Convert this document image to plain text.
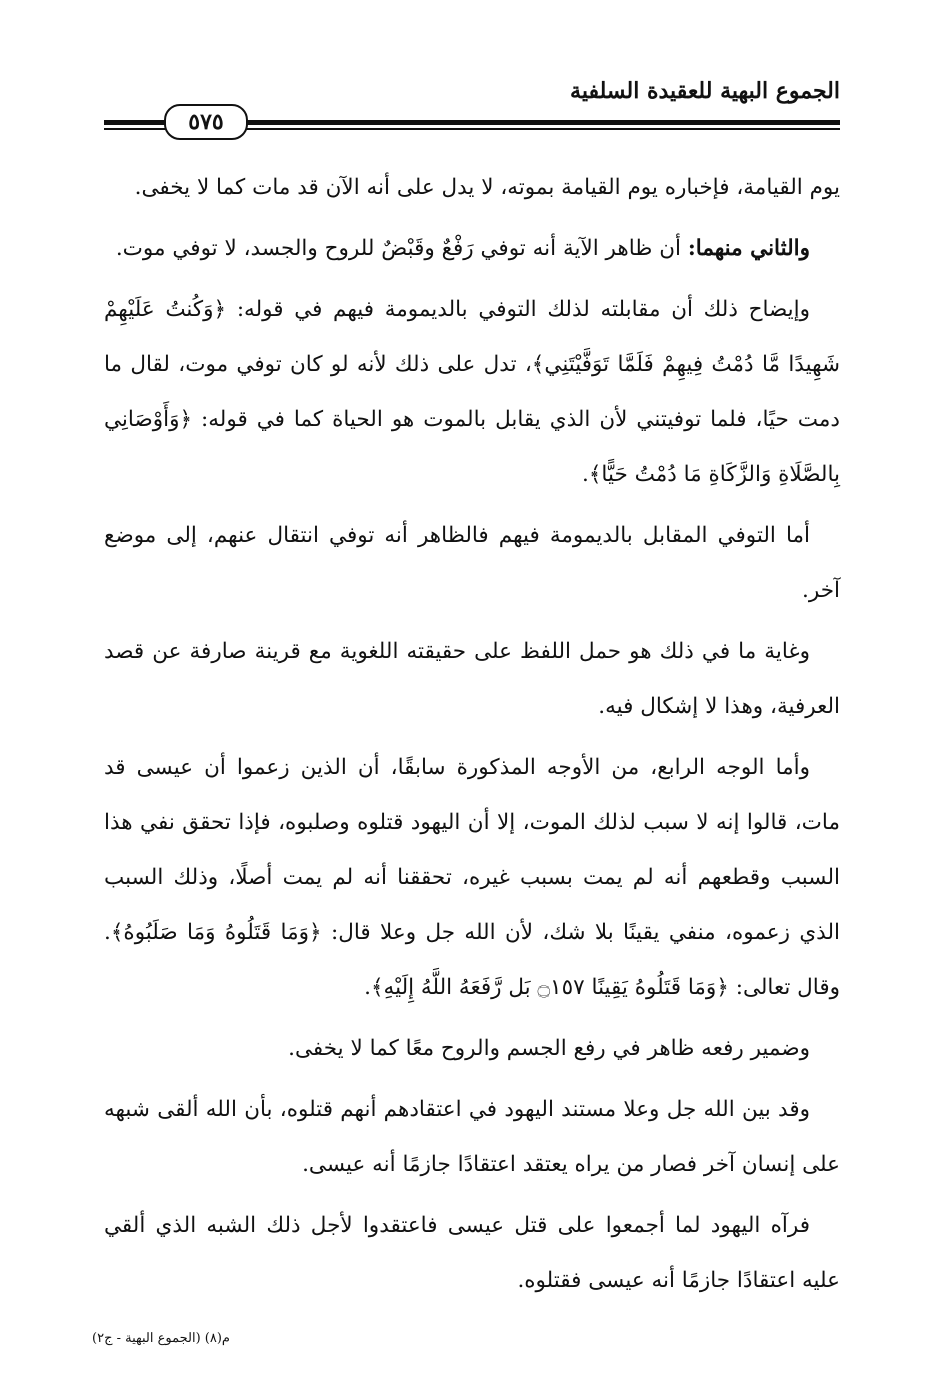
الجموع البهية للعقيدة السلفية
٥٧٥

يوم القيامة، فإخباره يوم القيامة بموته، لا يدل على أنه الآن قد مات كما لا يخفى.

والثاني منهما: أن ظاهر الآية أنه توفي رَفْعٌ وقَبْضٌ للروح والجسد، لا توفي موت.

وإيضاح ذلك أن مقابلته لذلك التوفي بالديمومة فيهم في قوله: ﴿وَكُنتُ عَلَيْهِمْ شَهِيدًا مَّا دُمْتُ فِيهِمْ فَلَمَّا تَوَفَّيْتَنِي﴾، تدل على ذلك لأنه لو كان توفي موت، لقال ما دمت حيًا، فلما توفيتني لأن الذي يقابل بالموت هو الحياة كما في قوله: ﴿وَأَوْصَانِي بِالصَّلَاةِ وَالزَّكَاةِ مَا دُمْتُ حَيًّا﴾.

أما التوفي المقابل بالديمومة فيهم فالظاهر أنه توفي انتقال عنهم، إلى موضع آخر.

وغاية ما في ذلك هو حمل اللفظ على حقيقته اللغوية مع قرينة صارفة عن قصد العرفية، وهذا لا إشكال فيه.

وأما الوجه الرابع، من الأوجه المذكورة سابقًا، أن الذين زعموا أن عيسى قد مات، قالوا إنه لا سبب لذلك الموت، إلا أن اليهود قتلوه وصلبوه، فإذا تحقق نفي هذا السبب وقطعهم أنه لم يمت بسبب غيره، تحققنا أنه لم يمت أصلًا، وذلك السبب الذي زعموه، منفي يقينًا بلا شك، لأن الله جل وعلا قال: ﴿وَمَا قَتَلُوهُ وَمَا صَلَبُوهُ﴾. وقال تعالى: ﴿وَمَا قَتَلُوهُ يَقِينًا ۝١٥٧ بَل رَّفَعَهُ اللَّهُ إِلَيْهِ﴾.

وضمير رفعه ظاهر في رفع الجسم والروح معًا كما لا يخفى.

وقد بين الله جل وعلا مستند اليهود في اعتقادهم أنهم قتلوه، بأن الله ألقى شبهه على إنسان آخر فصار من يراه يعتقد اعتقادًا جازمًا أنه عيسى.

فرآه اليهود لما أجمعوا على قتل عيسى فاعتقدوا لأجل ذلك الشبه الذي ألقي عليه اعتقادًا جازمًا أنه عيسى فقتلوه.

م(٨) (الجموع البهية - ج٢)
